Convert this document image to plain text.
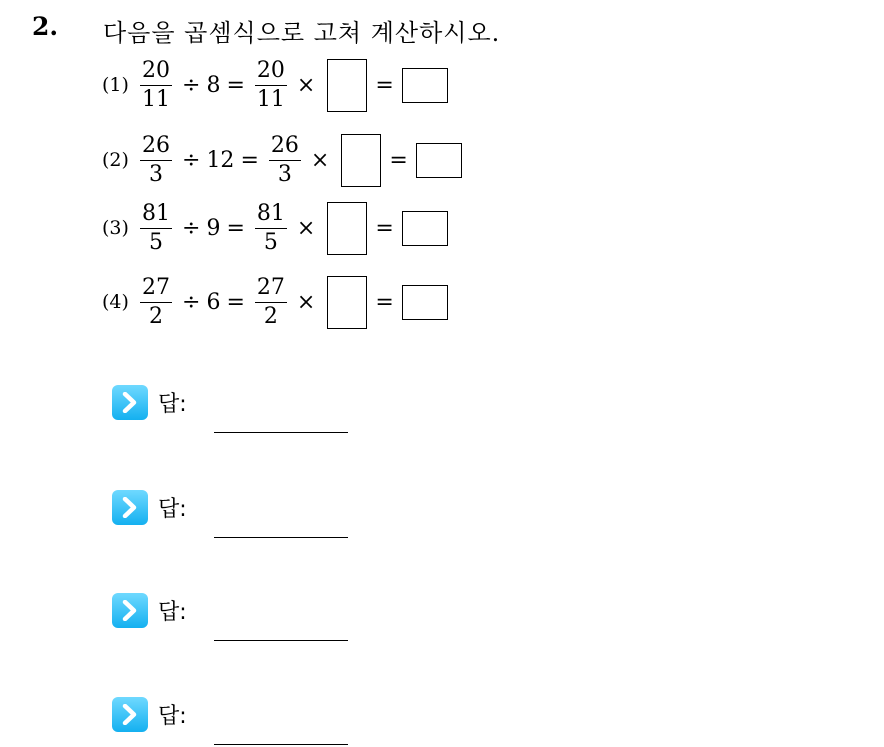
2. 다음을 곱셈식으로 고쳐 계산하시오.
$(1) \frac{20}{11} \div 8 = \frac{20}{11}$ ×	=
$(2) \frac{26}{3} \div 12 = \frac{26}{3}$ ×	=
$(3) \frac{81}{5} \div 9 = \frac{81}{5}$ ×	=
$(4) \frac{27}{2} \div 6 = \frac{27}{2}$ ×	=
답:
답:
답:
답:
